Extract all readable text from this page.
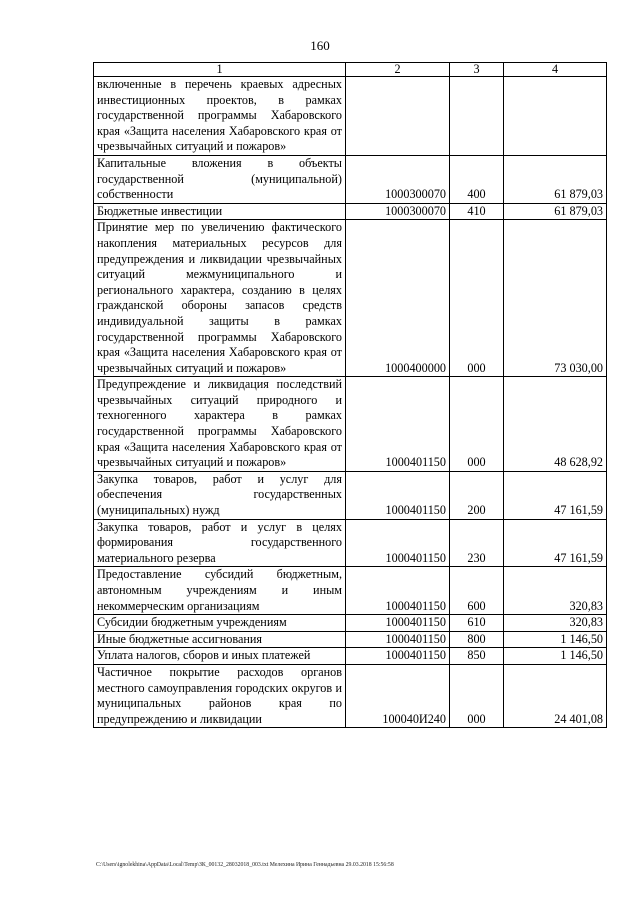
160
1	2	3	4
включенные в перечень краевых адресных инвестиционных проектов, в рамках государственной программы Хабаровского края «Защита населения Хабаровского края от чрезвычайных ситуаций и пожаров»			
Капитальные вложения в объекты государственной (муниципальной) собственности	1000300070	400	61 879,03
Бюджетные инвестиции	1000300070	410	61 879,03
Принятие мер по увеличению фактического накопления материальных ресурсов для предупреждения и ликвидации чрезвычайных ситуаций межмуниципального и регионального характера, созданию в целях гражданской обороны запасов средств индивидуальной защиты в рамках государственной программы Хабаровского края «Защита населения Хабаровского края от чрезвычайных ситуаций и пожаров»	1000400000	000	73 030,00
Предупреждение и ликвидация последствий чрезвычайных ситуаций природного и техногенного характера в рамках государственной программы Хабаровского края «Защита населения Хабаровского края от чрезвычайных ситуаций и пожаров»	1000401150	000	48 628,92
Закупка товаров, работ и услуг для обеспечения государственных (муниципальных) нужд	1000401150	200	47 161,59
Закупка товаров, работ и услуг в целях формирования государственного материального резерва	1000401150	230	47 161,59
Предоставление субсидий бюджетным, автономным учреждениям и иным некоммерческим организациям	1000401150	600	320,83
Субсидии бюджетным учреждениям	1000401150	610	320,83
Иные бюджетные ассигнования	1000401150	800	1 146,50
Уплата налогов, сборов и иных платежей	1000401150	850	1 146,50
Частичное покрытие расходов органов местного самоуправления городских округов и муниципальных районов края по предупреждению и ликвидации	100040И240	000	24 401,08
C:\Users\ignolekhina\AppData\Local\Temp\ЗК_00132_28032018_003.txt Мелехина Ирина Геннадьевна 29.03.2018 15:56:58
